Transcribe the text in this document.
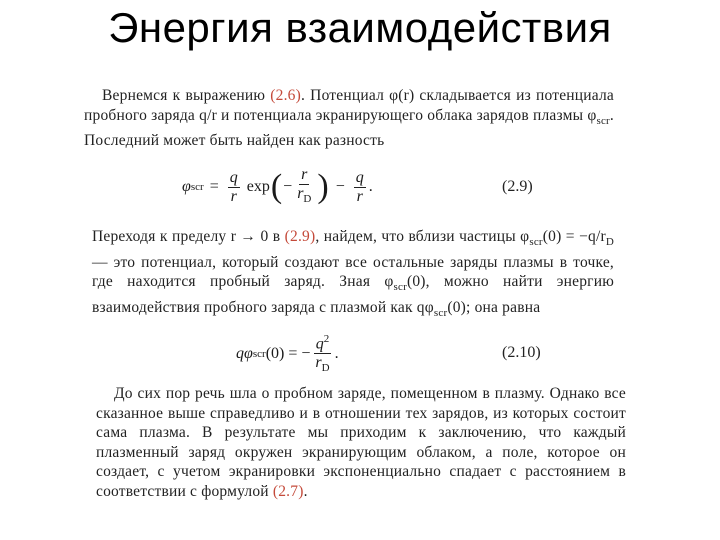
Энергия взаимодействия

Вернемся к выражению (2.6). Потенциал φ(r) складывается из потенциала пробного заряда q/r и потенциала экранирующего облака зарядов плазмы $\varphi_{scr}$. Последний может быть найден как разность

φ scr = $\frac{q}{r}$ exp ( − $\frac{r}{r_D}$ ) − $\frac{q}{r}$ .	(2.9)

Переходя к пределу r → 0 в (2.9), найдем, что вблизи частицы $\varphi_{scr}(0) = -q/r_D$ — это потенциал, который создают все остальные заряды плазмы в точке, где находится пробный заряд. Зная $\varphi_{scr}(0)$, можно найти энергию взаимодействия пробного заряда с плазмой как $q\varphi_{scr}(0)$; она равна

qφ scr (0) = − $\frac{q^2}{r_D}$ .	(2.10)

До сих пор речь шла о пробном заряде, помещенном в плазму. Однако все сказанное выше справедливо и в отношении тех зарядов, из которых состоит сама плазма. В результате мы приходим к заключению, что каждый плазменный заряд окружен экранирующим облаком, а поле, которое он создает, с учетом экранировки экспоненциально спадает с расстоянием в соответствии с формулой (2.7).
